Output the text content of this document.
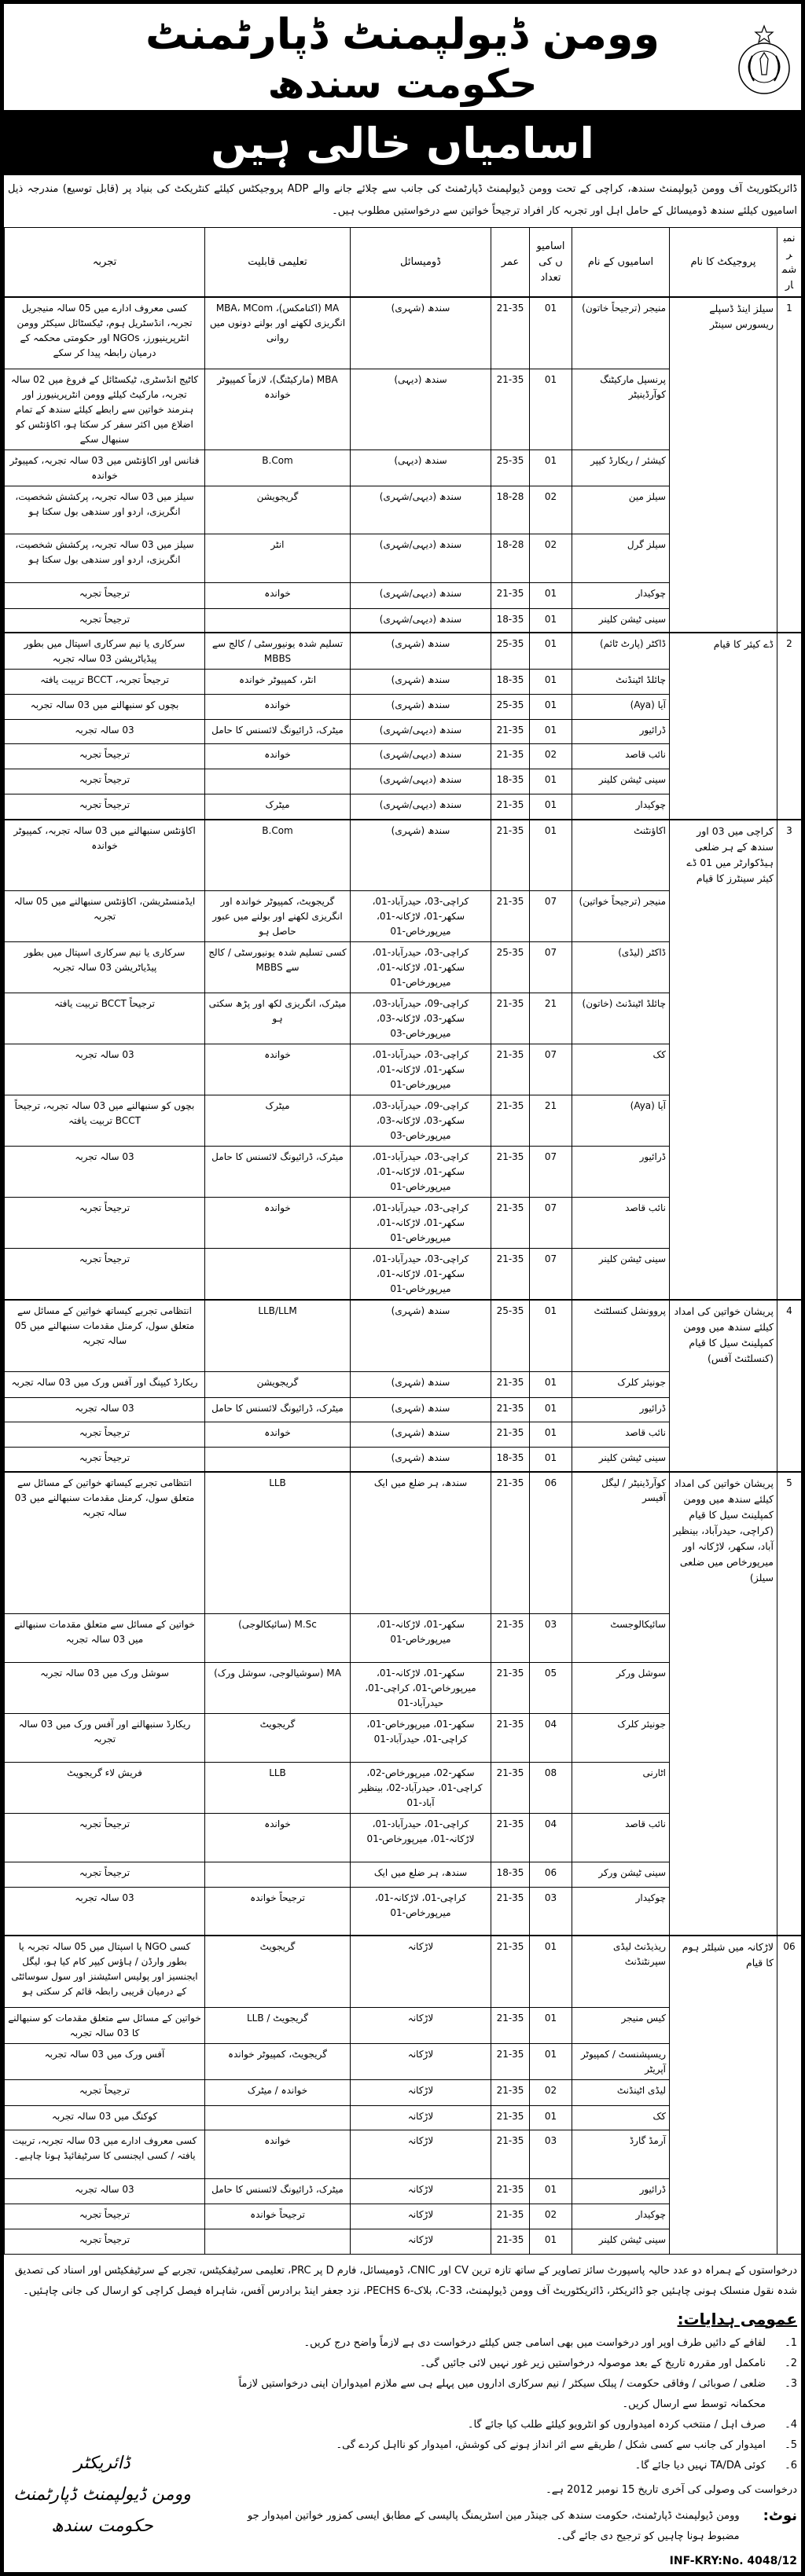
وومن ڈیولپمنٹ ڈپارٹمنٹ
حکومت سندھ
اسامیاں خالی ہیں
ڈائریکٹوریٹ آف وومن ڈیولپمنٹ سندھ، کراچی کے تحت وومن ڈیولپمنٹ ڈپارٹمنٹ کی جانب سے چلائے جانے والے ADP پروجیکٹس کیلئے کنٹریکٹ کی بنیاد پر (قابل توسیع) مندرجہ ذیل اسامیوں کیلئے سندھ ڈومیسائل کے حامل اہل اور تجربہ کار افراد ترجیحاً خواتین سے درخواستیں مطلوب ہیں۔
نمبر شمار	پروجیکٹ کا نام	اسامیوں کے نام	اسامیوں کی تعداد	عمر	ڈومیسائل	تعلیمی قابلیت	تجربہ
1	سیلز اینڈ ڈسپلے ریسورس سینٹر	منیجر (ترجیحاً خاتون)	01	21-35	سندھ (شہری)	MA (اکنامکس)، MBA، MCom انگریزی لکھنے اور بولنے دونوں میں روانی	کسی معروف ادارے میں 05 سالہ منیجریل تجربہ، انڈسٹریل ہوم، ٹیکسٹائل سیکٹر وومن انٹرپرینیورز، NGOs اور حکومتی محکمہ کے درمیان رابطہ پیدا کر سکے
		پرنسپل مارکیٹنگ کوآرڈینیٹر	01	21-35	سندھ (دیہی)	MBA (مارکیٹنگ)، لازماً کمپیوٹر خواندہ	کاٹیج انڈسٹری، ٹیکسٹائل کے فروغ میں 02 سالہ تجربہ، مارکیٹ کیلئے وومن انٹرپرینیورز اور ہنرمند خواتین سے رابطے کیلئے سندھ کے تمام اضلاع میں اکثر سفر کر سکتا ہو، اکاؤنٹس کو سنبھال سکے
		کیشئر / ریکارڈ کیپر	01	25-35	سندھ (دیہی)	B.Com	فنانس اور اکاؤنٹس میں 03 سالہ تجربہ، کمپیوٹر خواندہ
		سیلز مین	02	18-28	سندھ (دیہی/شہری)	گریجویشن	سیلز میں 03 سالہ تجربہ، پرکشش شخصیت، انگریزی، اردو اور سندھی بول سکتا ہو
		سیلز گرل	02	18-28	سندھ (دیہی/شہری)	انٹر	سیلز میں 03 سالہ تجربہ، پرکشش شخصیت، انگریزی، اردو اور سندھی بول سکتا ہو
		چوکیدار	01	21-35	سندھ (دیہی/شہری)	خواندہ	ترجیحاً تجربہ
		سینی ٹیشن کلینر	01	18-35	سندھ (دیہی/شہری)		ترجیحاً تجربہ
2	ڈے کیئر کا قیام	ڈاکٹر (پارٹ ٹائم)	01	25-35	سندھ (شہری)	تسلیم شدہ یونیورسٹی / کالج سے MBBS	سرکاری یا نیم سرکاری اسپتال میں بطور پیڈیاٹریشن 03 سالہ تجربہ
		چائلڈ اٹینڈنٹ	01	18-35	سندھ (شہری)	انٹر، کمپیوٹر خواندہ	ترجیحاً تجربہ، BCCT تربیت یافتہ
		آیا (Aya)	01	25-35	سندھ (شہری)	خواندہ	بچوں کو سنبھالنے میں 03 سالہ تجربہ
		ڈرائیور	01	21-35	سندھ (دیہی/شہری)	میٹرک، ڈرائیونگ لائسنس کا حامل	03 سالہ تجربہ
		نائب قاصد	02	21-35	سندھ (دیہی/شہری)	خواندہ	ترجیحاً تجربہ
		سینی ٹیشن کلینر	01	18-35	سندھ (دیہی/شہری)		ترجیحاً تجربہ
		چوکیدار	01	21-35	سندھ (دیہی/شہری)	میٹرک	ترجیحاً تجربہ
3	کراچی میں 03 اور سندھ کے ہر ضلعی ہیڈکوارٹر میں 01 ڈے کیئر سینٹرز کا قیام	اکاؤنٹنٹ	01	21-35	سندھ (شہری)	B.Com	اکاؤنٹس سنبھالنے میں 03 سالہ تجربہ، کمپیوٹر خواندہ
		منیجر (ترجیحاً خواتین)	07	21-35	کراچی-03، حیدرآباد-01، سکھر-01، لاڑکانہ-01، میرپورخاص-01	گریجویٹ، کمپیوٹر خواندہ اور انگریزی لکھنے اور بولنے میں عبور حاصل ہو	ایڈمنسٹریشن، اکاؤنٹس سنبھالنے میں 05 سالہ تجربہ
		ڈاکٹر (لیڈی)	07	25-35	کراچی-03، حیدرآباد-01، سکھر-01، لاڑکانہ-01، میرپورخاص-01	کسی تسلیم شدہ یونیورسٹی / کالج سے MBBS	سرکاری یا نیم سرکاری اسپتال میں بطور پیڈیاٹریشن 03 سالہ تجربہ
		چائلڈ اٹینڈنٹ (خاتون)	21	21-35	کراچی-09، حیدرآباد-03، سکھر-03، لاڑکانہ-03، میرپورخاص-03	میٹرک، انگریزی لکھ اور پڑھ سکتی ہو	ترجیحاً BCCT تربیت یافتہ
		کک	07	21-35	کراچی-03، حیدرآباد-01، سکھر-01، لاڑکانہ-01، میرپورخاص-01	خواندہ	03 سالہ تجربہ
		آیا (Aya)	21	21-35	کراچی-09، حیدرآباد-03، سکھر-03، لاڑکانہ-03، میرپورخاص-03	میٹرک	بچوں کو سنبھالنے میں 03 سالہ تجربہ، ترجیحاً BCCT تربیت یافتہ
		ڈرائیور	07	21-35	کراچی-03، حیدرآباد-01، سکھر-01، لاڑکانہ-01، میرپورخاص-01	میٹرک، ڈرائیونگ لائسنس کا حامل	03 سالہ تجربہ
		نائب قاصد	07	21-35	کراچی-03، حیدرآباد-01، سکھر-01، لاڑکانہ-01، میرپورخاص-01	خواندہ	ترجیحاً تجربہ
		سینی ٹیشن کلینر	07	21-35	کراچی-03، حیدرآباد-01، سکھر-01، لاڑکانہ-01، میرپورخاص-01		ترجیحاً تجربہ
4	پریشان خواتین کی امداد کیلئے سندھ میں وومن کمپلینٹ سیل کا قیام (کنسلٹنٹ آفس)	پروونشل کنسلٹنٹ	01	25-35	سندھ (شہری)	LLB/LLM	انتظامی تجربے کیساتھ خواتین کے مسائل سے متعلق سول، کرمنل مقدمات سنبھالنے میں 05 سالہ تجربہ
		جونیئر کلرک	01	21-35	سندھ (شہری)	گریجویشن	ریکارڈ کیپنگ اور آفس ورک میں 03 سالہ تجربہ
		ڈرائیور	01	21-35	سندھ (شہری)	میٹرک، ڈرائیونگ لائسنس کا حامل	03 سالہ تجربہ
		نائب قاصد	01	21-35	سندھ (شہری)	خواندہ	ترجیحاً تجربہ
		سینی ٹیشن کلینر	01	18-35	سندھ (شہری)		ترجیحاً تجربہ
5	پریشان خواتین کی امداد کیلئے سندھ میں وومن کمپلینٹ سیل کا قیام (کراچی، حیدرآباد، بینظیر آباد، سکھر، لاڑکانہ اور میرپورخاص میں ضلعی سیلز)	کوآرڈینیٹر / لیگل آفیسر	06	21-35	سندھ، ہر ضلع میں ایک	LLB	انتظامی تجربے کیساتھ خواتین کے مسائل سے متعلق سول، کرمنل مقدمات سنبھالنے میں 03 سالہ تجربہ
		سائیکالوجسٹ	03	21-35	سکھر-01، لاڑکانہ-01، میرپورخاص-01	M.Sc (سائیکالوجی)	خواتین کے مسائل سے متعلق مقدمات سنبھالنے میں 03 سالہ تجربہ
		سوشل ورکر	05	21-35	سکھر-01، لاڑکانہ-01، میرپورخاص-01، کراچی-01، حیدرآباد-01	MA (سوشیالوجی، سوشل ورک)	سوشل ورک میں 03 سالہ تجربہ
		جونیئر کلرک	04	21-35	سکھر-01، میرپورخاص-01، کراچی-01، حیدرآباد-01	گریجویٹ	ریکارڈ سنبھالنے اور آفس ورک میں 03 سالہ تجربہ
		اٹارنی	08	21-35	سکھر-02، میرپورخاص-02، کراچی-01، حیدرآباد-02، بینظیر آباد-01	LLB	فریش لاء گریجویٹ
		نائب قاصد	04	21-35	کراچی-01، حیدرآباد-01، لاڑکانہ-01، میرپورخاص-01	خواندہ	ترجیحاً تجربہ
		سینی ٹیشن ورکر	06	18-35	سندھ، ہر ضلع میں ایک		ترجیحاً تجربہ
		چوکیدار	03	21-35	کراچی-01، لاڑکانہ-01، میرپورخاص-01	ترجیحاً خواندہ	03 سالہ تجربہ
06	لاڑکانہ میں شیلٹر ہوم کا قیام	ریذیڈنٹ لیڈی سپرنٹنڈنٹ	01	21-35	لاڑکانہ	گریجویٹ	کسی NGO یا اسپتال میں 05 سالہ تجربہ یا بطور وارڈن / ہاؤس کیپر کام کیا ہو، لیگل ایجنسیز اور پولیس اسٹیشنز اور سول سوسائٹی کے درمیان قریبی رابطہ قائم کر سکتی ہو
		کیس منیجر	01	21-35	لاڑکانہ	گریجویٹ / LLB	خواتین کے مسائل سے متعلق مقدمات کو سنبھالنے کا 03 سالہ تجربہ
		ریسپشنسٹ / کمپیوٹر آپریٹر	01	21-35	لاڑکانہ	گریجویٹ، کمپیوٹر خواندہ	آفس ورک میں 03 سالہ تجربہ
		لیڈی اٹینڈنٹ	02	21-35	لاڑکانہ	خواندہ / میٹرک	ترجیحاً تجربہ
		کک	01	21-35	لاڑکانہ		کوکنگ میں 03 سالہ تجربہ
		آرمڈ گارڈ	03	21-35	لاڑکانہ	خواندہ	کسی معروف ادارے میں 03 سالہ تجربہ، تربیت یافتہ / کسی ایجنسی کا سرٹیفائیڈ ہونا چاہیے۔
		ڈرائیور	01	21-35	لاڑکانہ	میٹرک، ڈرائیونگ لائسنس کا حامل	03 سالہ تجربہ
		چوکیدار	02	21-35	لاڑکانہ	ترجیحاً خواندہ	ترجیحاً تجربہ
		سینی ٹیشن کلینر	01	21-35	لاڑکانہ		ترجیحاً تجربہ
درخواستوں کے ہمراہ دو عدد حالیہ پاسپورٹ سائز تصاویر کے ساتھ تازہ ترین CV اور CNIC، ڈومیسائل، فارم D پر PRC، تعلیمی سرٹیفکیٹس، تجربے کے سرٹیفکیٹس اور اسناد کی تصدیق شدہ نقول منسلک ہونی چاہئیں جو ڈائریکٹر، ڈائریکٹوریٹ آف وومن ڈیولپمنٹ، C-33، بلاک-6 PECHS، نزد جعفر اینڈ برادرس آفس، شاہراہ فیصل کراچی کو ارسال کی جانی چاہئیں۔
عمومی ہدایات:
1۔
لفافے کے دائیں طرف اوپر اور درخواست میں بھی اسامی جس کیلئے درخواست دی ہے لازماً واضح درج کریں۔
2۔
نامکمل اور مقررہ تاریخ کے بعد موصولہ درخواستیں زیر غور نہیں لائی جائیں گی۔
3۔
ضلعی / صوبائی / وفاقی حکومت / پبلک سیکٹر / نیم سرکاری اداروں میں پہلے ہی سے ملازم امیدواران اپنی درخواستیں لازماً محکمانہ توسط سے ارسال کریں۔
4۔
صرف اہل / منتخب کردہ امیدواروں کو انٹرویو کیلئے طلب کیا جائے گا۔
5۔
امیدوار کی جانب سے کسی شکل / طریقے سے اثر انداز ہونے کی کوشش، امیدوار کو نااہل کردے گی۔
6۔
کوئی TA/DA نہیں دیا جائے گا۔
درخواست کی وصولی کی آخری تاریخ 15 نومبر 2012 ہے۔
نوٹ:
وومن ڈیولپمنٹ ڈپارٹمنٹ، حکومت سندھ کی جینڈر مین اسٹریمنگ پالیسی کے مطابق ایسی کمزور خواتین امیدوار جو مضبوط ہونا چاہیں کو ترجیح دی جائے گی۔
ڈائریکٹر
وومن ڈیولپمنٹ ڈپارٹمنٹ
حکومت سندھ
INF-KRY:No. 4048/12
